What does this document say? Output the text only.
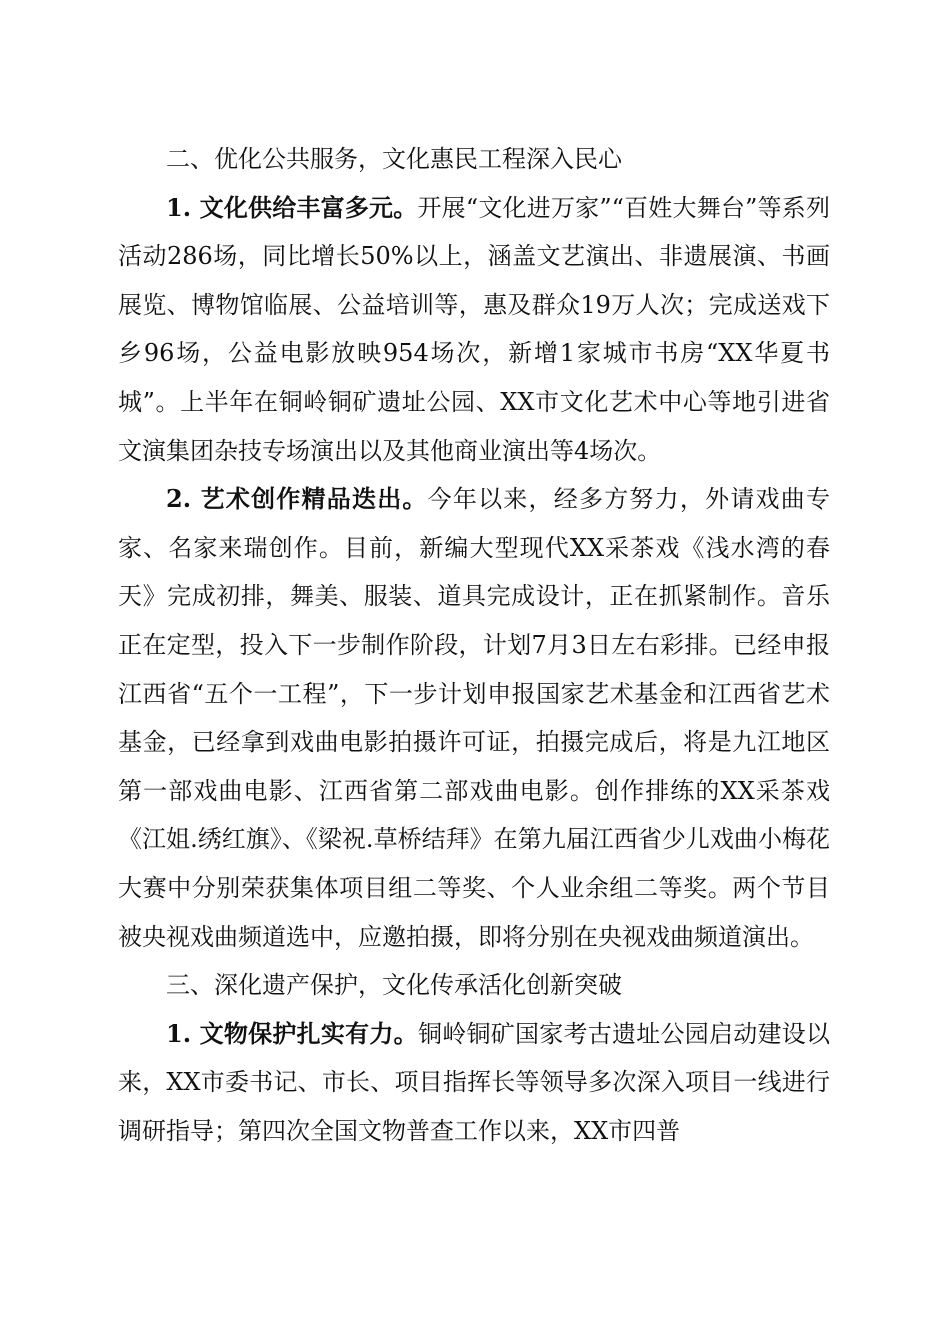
二、优化公共服务，文化惠民工程深入民心

1. 文化供给丰富多元。开展“文化进万家”“百姓大舞台”等系列活动286场，同比增长50%以上，涵盖文艺演出、非遗展演、书画展览、博物馆临展、公益培训等，惠及群众19万人次；完成送戏下乡96场，公益电影放映954场次，新增1家城市书房“XX华夏书城”。上半年在铜岭铜矿遗址公园、XX市文化艺术中心等地引进省文演集团杂技专场演出以及其他商业演出等4场次。

2. 艺术创作精品迭出。今年以来，经多方努力，外请戏曲专家、名家来瑞创作。目前，新编大型现代XX采茶戏《浅水湾的春天》完成初排，舞美、服装、道具完成设计，正在抓紧制作。音乐正在定型，投入下一步制作阶段，计划7月3日左右彩排。已经申报江西省“五个一工程”，下一步计划申报国家艺术基金和江西省艺术基金，已经拿到戏曲电影拍摄许可证，拍摄完成后，将是九江地区第一部戏曲电影、江西省第二部戏曲电影。创作排练的XX采茶戏《江姐.绣红旗》、《梁祝.草桥结拜》在第九届江西省少儿戏曲小梅花大赛中分别荣获集体项目组二等奖、个人业余组二等奖。两个节目被央视戏曲频道选中，应邀拍摄，即将分别在央视戏曲频道演出。

三、深化遗产保护，文化传承活化创新突破

1. 文物保护扎实有力。铜岭铜矿国家考古遗址公园启动建设以来，XX市委书记、市长、项目指挥长等领导多次深入项目一线进行调研指导；第四次全国文物普查工作以来，XX市四普
